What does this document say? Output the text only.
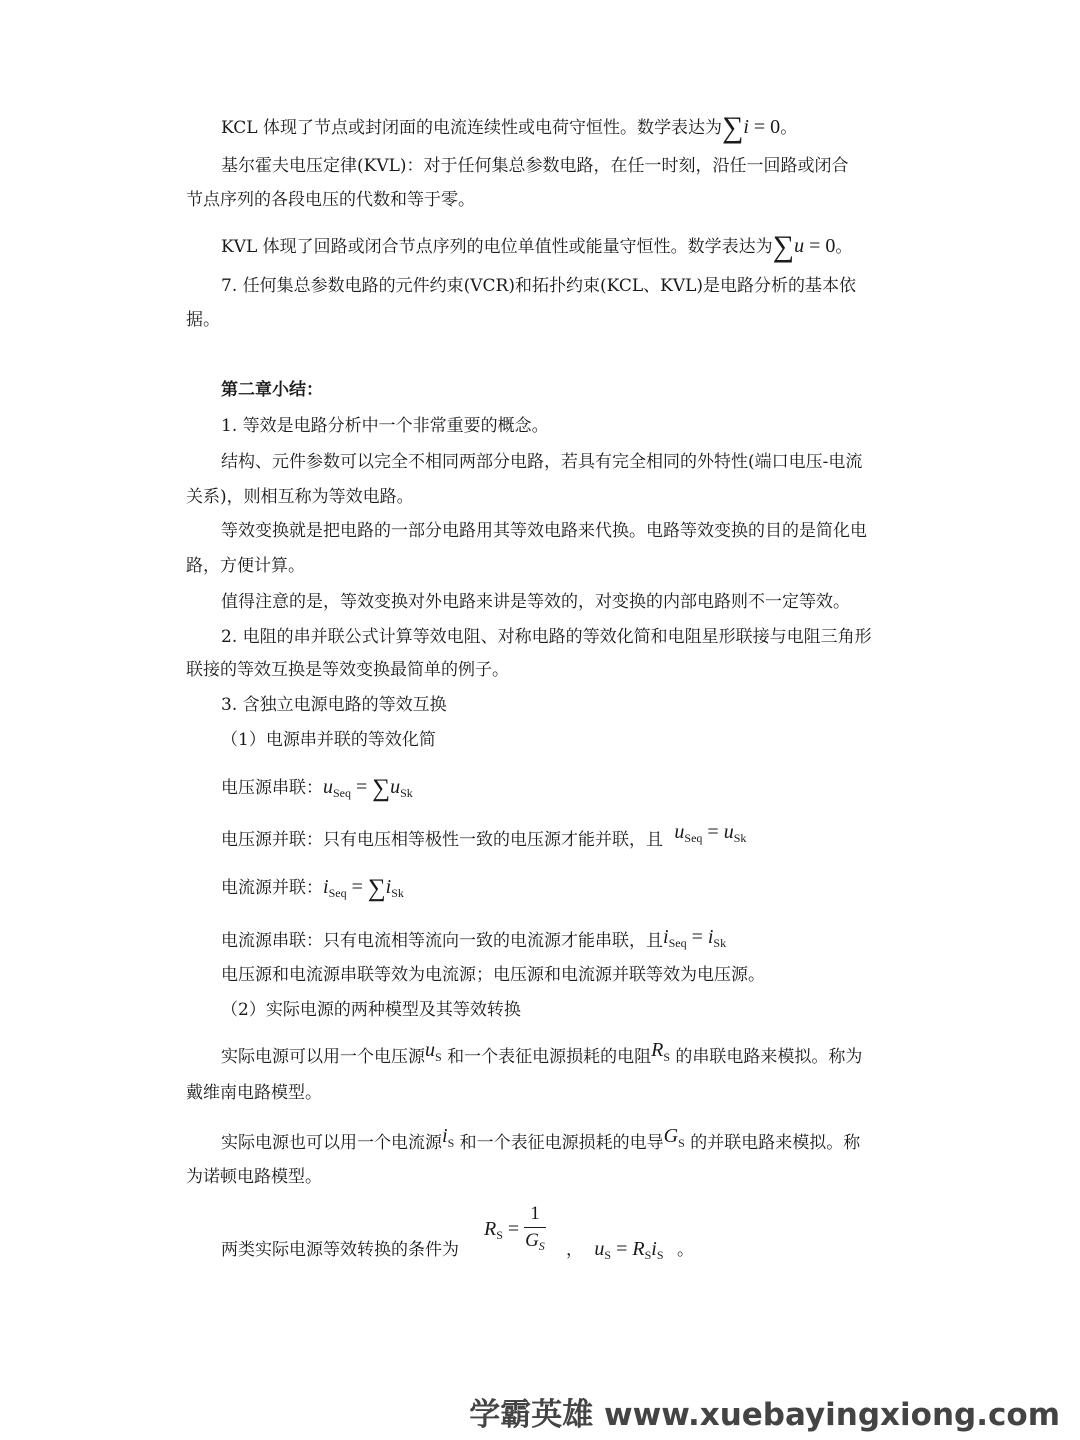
KCL 体现了节点或封闭面的电流连续性或电荷守恒性。数学表达为∑i = 0。
基尔霍夫电压定律(KVL)：对于任何集总参数电路，在任一时刻，沿任一回路或闭合
节点序列的各段电压的代数和等于零。
KVL 体现了回路或闭合节点序列的电位单值性或能量守恒性。数学表达为∑u = 0。
7. 任何集总参数电路的元件约束(VCR)和拓扑约束(KCL、KVL)是电路分析的基本依
据。
第二章小结：
1. 等效是电路分析中一个非常重要的概念。
结构、元件参数可以完全不相同两部分电路，若具有完全相同的外特性(端口电压-电流
关系)，则相互称为等效电路。
等效变换就是把电路的一部分电路用其等效电路来代换。电路等效变换的目的是简化电
路，方便计算。
值得注意的是，等效变换对外电路来讲是等效的，对变换的内部电路则不一定等效。
2. 电阻的串并联公式计算等效电阻、对称电路的等效化简和电阻星形联接与电阻三角形
联接的等效互换是等效变换最简单的例子。
3. 含独立电源电路的等效互换
（1）电源串并联的等效化简
电压源串联：$u_{Seq} = \sum u_{Sk}$
电压源并联：只有电压相等极性一致的电压源才能并联，且 $u_{Seq} = u_{Sk}$
电流源并联：$i_{Seq} = \sum i_{Sk}$
电流源串联：只有电流相等流向一致的电流源才能串联，且$i_{Seq} = i_{Sk}$
电压源和电流源串联等效为电流源；电压源和电流源并联等效为电压源。
（2）实际电源的两种模型及其等效转换
实际电源可以用一个电压源uS 和一个表征电源损耗的电阻RS 的串联电路来模拟。称为
戴维南电路模型。
实际电源也可以用一个电流源iS 和一个表征电源损耗的电导GS 的并联电路来模拟。称
为诺顿电路模型。
两类实际电源等效转换的条件为
$R_S = \frac{1}{G_S}$ ， $u_S = R_Si_S$ 。
学霸英雄 www.xuebayingxiong.com
